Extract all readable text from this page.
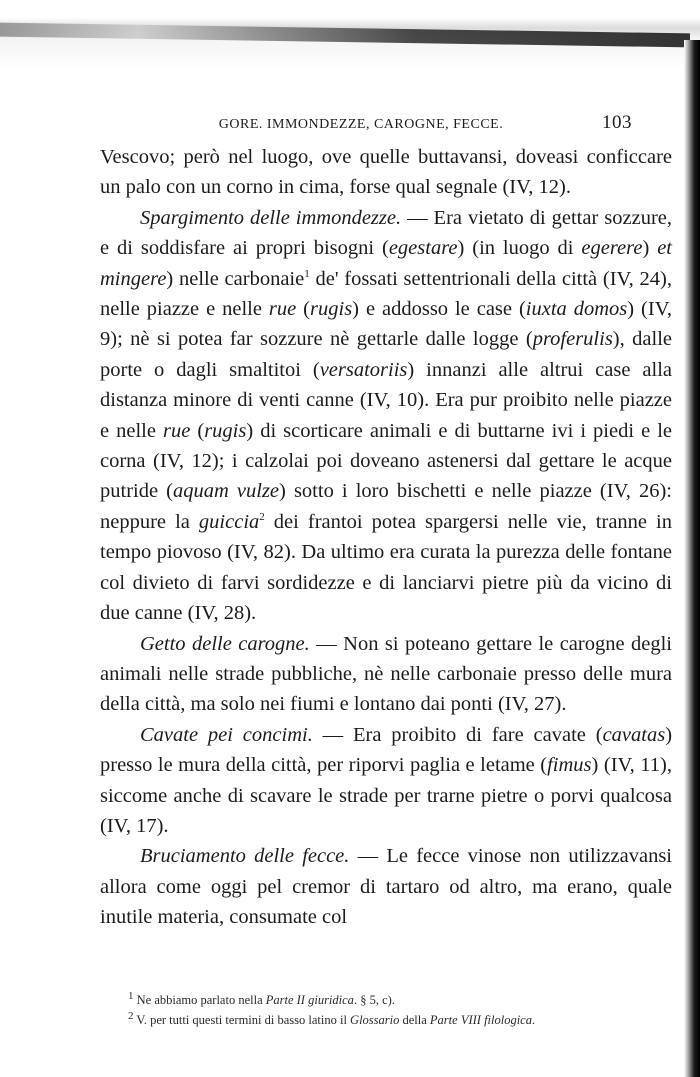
GORE. IMMONDEZZE, CAROGNE, FECCE.	103

Vescovo; però nel luogo, ove quelle buttavansi, doveasi conficcare un palo con un corno in cima, forse qual segnale (IV, 12).

Spargimento delle immondezze. — Era vietato di gettar sozzure, e di soddisfare ai propri bisogni (egestare) (in luogo di egerere) et mingere) nelle carbonaie$^1$ de' fossati settentrionali della città (IV, 24), nelle piazze e nelle rue (rugis) e addosso le case (iuxta domos) (IV, 9); nè si potea far sozzure nè gettarle dalle logge (proferulis), dalle porte o dagli smaltitoi (versatoriis) innanzi alle altrui case alla distanza minore di venti canne (IV, 10). Era pur proibito nelle piazze e nelle rue (rugis) di scorticare animali e di buttarne ivi i piedi e le corna (IV, 12); i calzolai poi doveano astenersi dal gettare le acque putride (aquam vulze) sotto i loro bischetti e nelle piazze (IV, 26): neppure la guiccia$^2$ dei frantoi potea spargersi nelle vie, tranne in tempo piovoso (IV, 82). Da ultimo era curata la purezza delle fontane col divieto di farvi sordidezze e di lanciarvi pietre più da vicino di due canne (IV, 28).

Getto delle carogne. — Non si poteano gettare le carogne degli animali nelle strade pubbliche, nè nelle carbonaie presso delle mura della città, ma solo nei fiumi e lontano dai ponti (IV, 27).

Cavate pei concimi. — Era proibito di fare cavate (cavatas) presso le mura della città, per riporvi paglia e letame (fimus) (IV, 11), siccome anche di scavare le strade per trarne pietre o porvi qualcosa (IV, 17).

Bruciamento delle fecce. — Le fecce vinose non utilizzavansi allora come oggi pel cremor di tartaro od altro, ma erano, quale inutile materia, consumate col

$^1$ Ne abbiamo parlato nella Parte II giuridica. § 5, c).

$^2$ V. per tutti questi termini di basso latino il Glossario della Parte VIII filologica.
